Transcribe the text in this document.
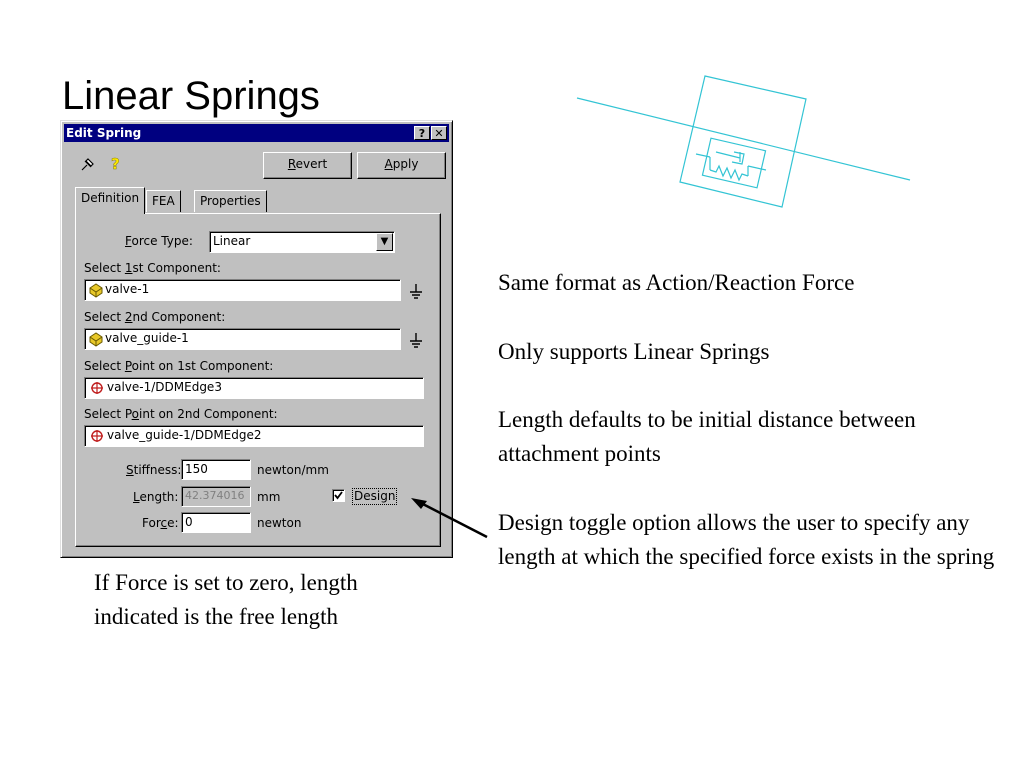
Linear Springs
Edit Spring	? ✕
?	Revert	Apply
Definition	FEA	Properties
Force Type:	Linear	▼
Select 1st Component:
valve-1
Select 2nd Component:
valve_guide-1
Select Point on 1st Component:
valve-1/DDMEdge3
Select Point on 2nd Component:
valve_guide-1/DDMEdge2
Stiffness: 150	newton/mm
Length: 42.374016	mm	Design
Force: 0	newton
Same format as Action/Reaction Force
Only supports Linear Springs
Length defaults to be initial distance between attachment points
Design toggle option allows the user to specify any length at which the specified force exists in the spring
If Force is set to zero, length indicated is the free length
